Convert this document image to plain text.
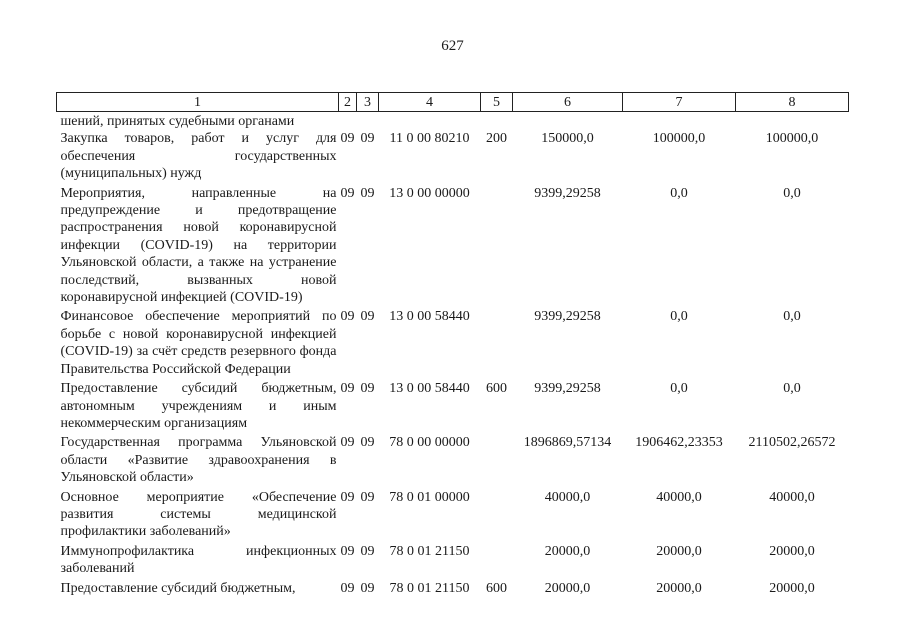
627
1	2	3	4	5	6	7	8
шений, принятых судебными органами							
Закупка товаров, работ и услуг для обеспечения государственных (муниципальных) нужд	09	09	11 0 00 80210	200	150000,0	100000,0	100000,0
Мероприятия, направленные на предупреждение и предотвращение распространения новой коронавирусной инфекции (COVID-19) на территории Ульяновской области, а также на устранение последствий, вызванных новой коронавирусной инфекцией (COVID-19)	09	09	13 0 00 00000		9399,29258	0,0	0,0
Финансовое обеспечение мероприятий по борьбе с новой коронавирусной инфекцией (COVID-19) за счёт средств резервного фонда Правительства Российской Федерации	09	09	13 0 00 58440		9399,29258	0,0	0,0
Предоставление субсидий бюджетным, автономным учреждениям и иным некоммерческим организациям	09	09	13 0 00 58440	600	9399,29258	0,0	0,0
Государственная программа Ульяновской области «Развитие здравоохранения в Ульяновской области»	09	09	78 0 00 00000		1896869,57134	1906462,23353	2110502,26572
Основное мероприятие «Обеспечение развития системы медицинской профилактики заболеваний»	09	09	78 0 01 00000		40000,0	40000,0	40000,0
Иммунопрофилактика инфекционных заболеваний	09	09	78 0 01 21150		20000,0	20000,0	20000,0
Предоставление субсидий бюджетным,	09	09	78 0 01 21150	600	20000,0	20000,0	20000,0
